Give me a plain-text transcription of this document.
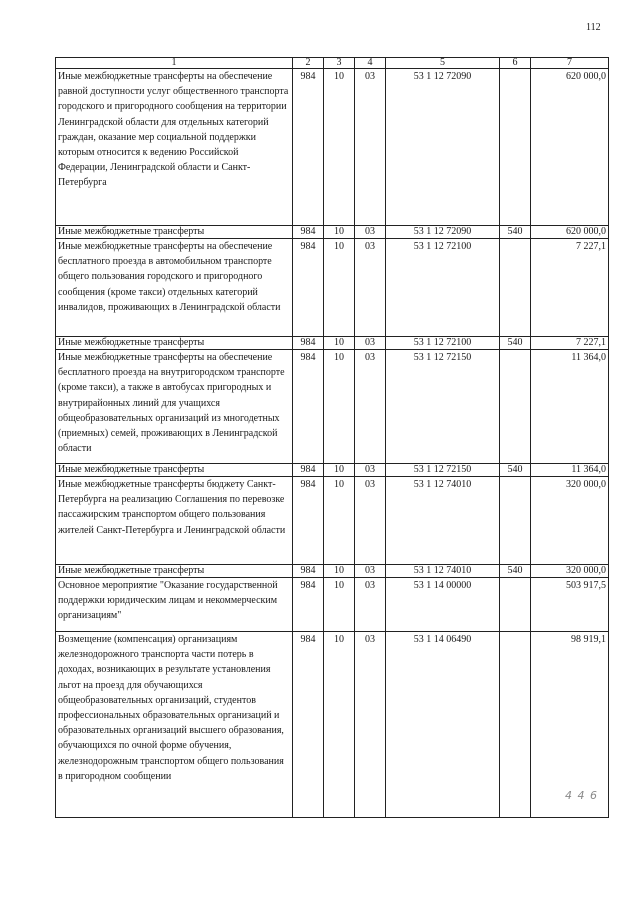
112
1	2	3	4	5	6	7
Иные межбюджетные трансферты на обеспечение равной доступности услуг общественного транспорта городского и пригородного сообщения на территории Ленинградской области для отдельных категорий граждан, оказание мер социальной поддержки которым относится к ведению Российской Федерации, Ленинградской области и Санкт-Петербурга	984	10	03	53 1 12 72090		620 000,0
Иные межбюджетные трансферты	984	10	03	53 1 12 72090	540	620 000,0
Иные межбюджетные трансферты на обеспечение бесплатного проезда в автомобильном транспорте общего пользования городского и пригородного сообщения (кроме такси) отдельных категорий инвалидов, проживающих в Ленинградской области	984	10	03	53 1 12 72100		7 227,1
Иные межбюджетные трансферты	984	10	03	53 1 12 72100	540	7 227,1
Иные межбюджетные трансферты на обеспечение бесплатного проезда на внутригородском транспорте (кроме такси), а также в автобусах пригородных и внутрирайонных линий для учащихся общеобразовательных организаций из многодетных (приемных) семей, проживающих в Ленинградской области	984	10	03	53 1 12 72150		11 364,0
Иные межбюджетные трансферты	984	10	03	53 1 12 72150	540	11 364,0
Иные межбюджетные трансферты бюджету Санкт-Петербурга на реализацию Соглашения по перевозке пассажирским транспортом общего пользования жителей Санкт-Петербурга и Ленинградской области	984	10	03	53 1 12 74010		320 000,0
Иные межбюджетные трансферты	984	10	03	53 1 12 74010	540	320 000,0
Основное мероприятие "Оказание государственной поддержки юридическим лицам и некоммерческим организациям"	984	10	03	53 1 14 00000		503 917,5
Возмещение (компенсация) организациям железнодорожного транспорта части потерь в доходах, возникающих в результате установления льгот на проезд для обучающихся общеобразовательных организаций, студентов профессиональных образовательных организаций и образовательных организаций высшего образования, обучающихся по очной форме обучения, железнодорожным транспортом общего пользования в пригородном сообщении	984	10	03	53 1 14 06490		98 919,1
4 4 6
